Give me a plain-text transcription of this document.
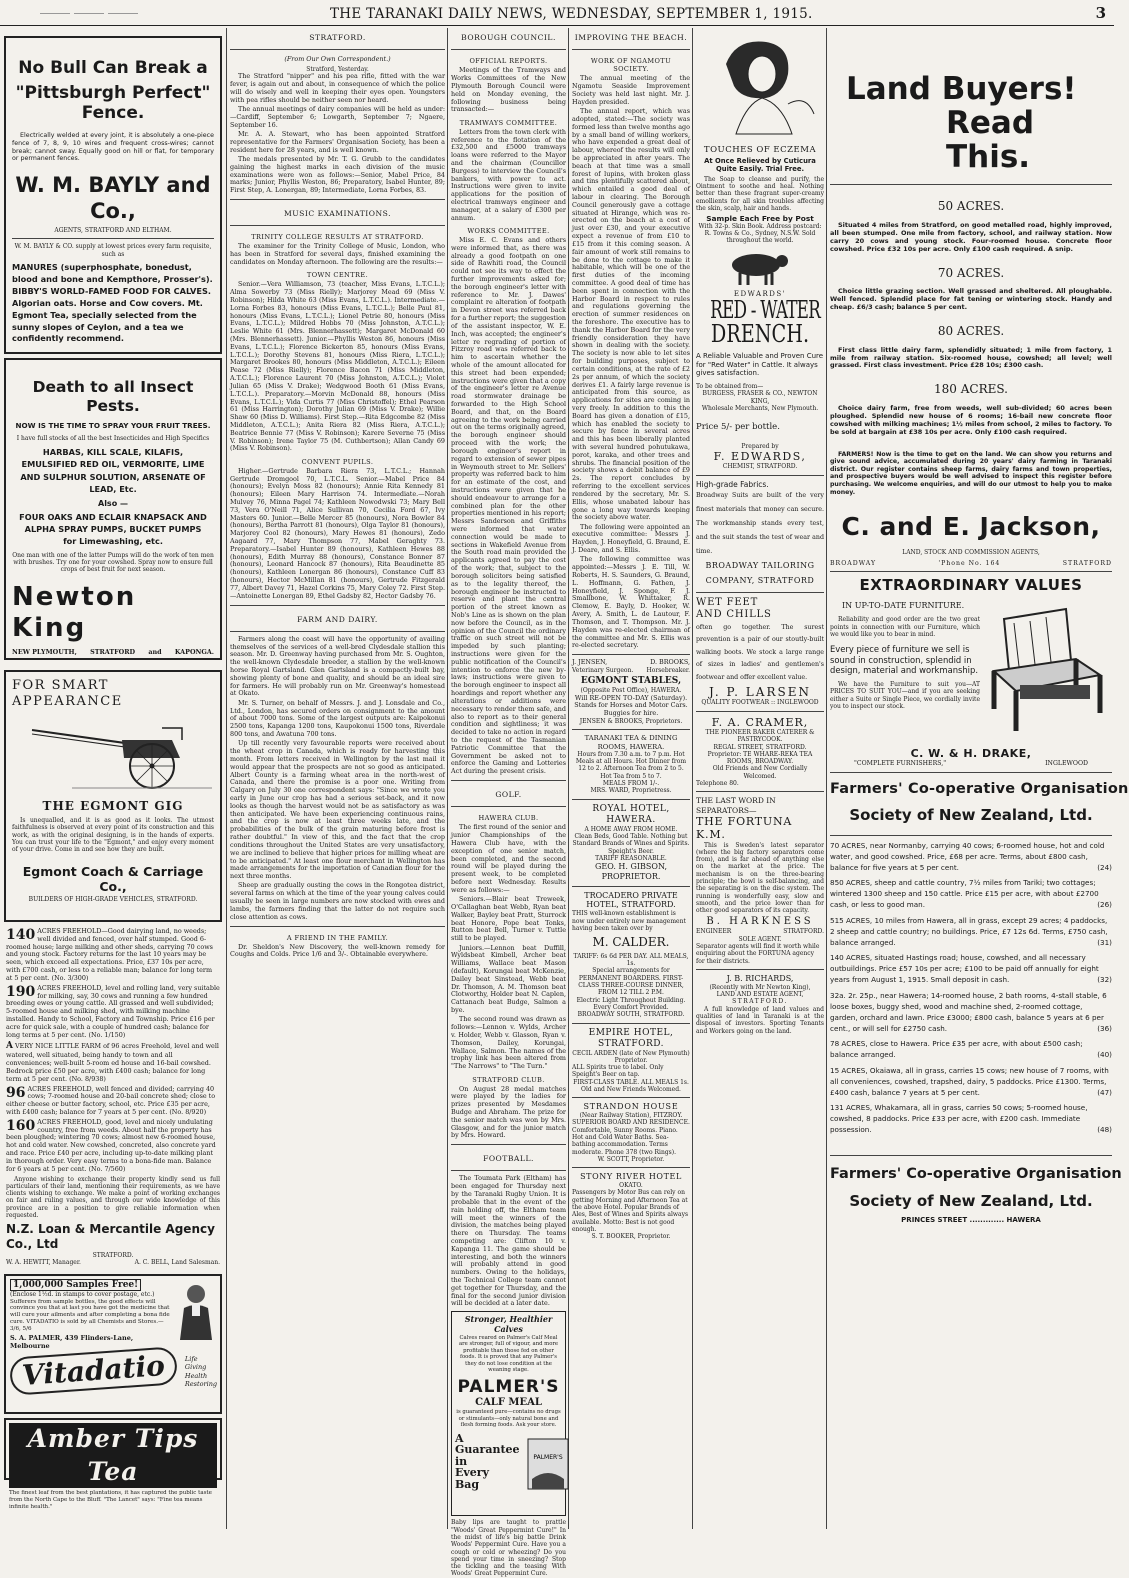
THE TARANAKI DAILY NEWS, WEDNESDAY, SEPTEMBER 1, 1915.	3
No Bull Can Break a
"Pittsburgh Perfect" Fence.

Electrically welded at every joint, it is absolutely a one-piece fence of 7, 8, 9, 10 wires and frequent cross-wires; cannot break; cannot sway. Equally good on hill or flat, for temporary or permanent fences.

W. M. BAYLY and Co.,
AGENTS, STRATFORD AND ELTHAM.
W. M. BAYLY & CO. supply at lowest prices every farm requisite, such as
MANURES (superphosphate, bonedust, blood and bone and Kempthore, Prosser's). BIBBY'S WORLD-FAMED FOOD FOR CALVES. Algorian oats. Horse and Cow covers. Mt. Egmont Tea, specially selected from the sunny slopes of Ceylon, and a tea we confidently recommend.
Death to all Insect Pests.
NOW IS THE TIME TO SPRAY YOUR FRUIT TREES.
I have full stocks of all the best Insecticides and High Specifics
HARBAS, KILL SCALE, KILAFIS, EMULSIFIED RED OIL, VERMORITE, LIME AND SULPHUR SOLUTION, ARSENATE OF LEAD, Etc.
Also —
FOUR OAKS AND ECLAIR KNAPSACK AND ALPHA SPRAY PUMPS, BUCKET PUMPS for Limewashing, etc.
One man with one of the latter Pumps will do the work of ten men with brushes. Try one for your cowshed. Spray now to ensure full crops of best fruit for next season.
Newton King
NEW PLYMOUTH, STRATFORD and KAPONGA.
FOR SMART APPEARANCE
THE EGMONT GIG

Is unequalled, and it is as good as it looks. The utmost faithfulness is observed at every point of its construction and this work, as with the original designing, is in the hands of experts. You can trust your life to the "Egmont," and enjoy every moment of your drive. Come in and see how they are built.

Egmont Coach & Carriage Co.,
BUILDERS OF HIGH-GRADE VEHICLES, STRATFORD.
140 ACRES FREEHOLD—Good dairying land, no weeds; well divided and fenced, over half stumped. Good 6-roomed house; large milking and other sheds, carrying 70 cows and young stock. Factory returns for the last 10 years may be seen, which exceed all expectations. Price, £37 10s per acre, with £700 cash, or less to a reliable man; balance for long term at 5 per cent. (No. 3/300)
190 ACRES FREEHOLD, level and rolling land, very suitable for milking, say, 30 cows and running a few hundred breeding ewes or young cattle. All grassed and well subdivided; 5-roomed house and milking shed, with milking machine installed. Handy to School, Factory and Township. Price £16 per acre for quick sale, with a couple of hundred cash; balance for long terms at 5 per cent. (No. 1/150)
A VERY NICE LITTLE FARM of 96 acres Freehold, level and well watered, well situated, being handy to town and all conveniences; well-built 5-room ed house and 16-bail cowshed. Bedrock price £50 per acre, with £400 cash; balance for long term at 5 per cent. (No. 8/938)
96 ACRES FREEHOLD, well fenced and divided; carrying 40 cows; 7-roomed house and 20-bail concrete shed; close to either cheese or butter factory, school, etc. Price £35 per acre, with £400 cash; balance for 7 years at 5 per cent. (No. 8/920)
160 ACRES FREEHOLD, good, level and nicely undulating country, free from weeds. About half the property has been ploughed; wintering 70 cows; almost new 6-roomed house, hot and cold water. New cowshed, concreted, also concrete yard and race. Price £40 per acre, including up-to-date milking plant in thorough order. Very easy terms to a bona-fide man. Balance for 6 years at 5 per cent. (No. 7/560)

Anyone wishing to exchange their property kindly send us full particulars of their land, mentioning their requirements, as we have clients wishing to exchange. We make a point of working exchanges on fair and ruling values, and through our wide knowledge of this province are in a position to give reliable information when requested.

N.Z. Loan & Mercantile Agency Co., Ltd
STRATFORD.
W. A. HEWITT, Manager.	A. C. BELL, Land Salesman.
1,000,000 Samples Free!
(Enclose 1½d. in stamps to cover postage, etc.)
Sufferers from sample bottles, the good effects will convince you that at last you have got the medicine that will cure your ailments and after completing a bona fide cure. VITADATIO is sold by all Chemists and Stores.—3/6, 5/6
S. A. PALMER, 439 Flinders-Lane, Melbourne
Vitadatio	Life
Giving
Health
Restoring
Amber Tips Tea
The finest leaf from the best plantations, it has captured the public taste from the North Cape to the Bluff. "The Lancet" says: "Fine tea means infinite health."
STRATFORD.
(From Our Own Correspondent.)
Stratford, Yesterday.

The Stratford "nipper" and his pea rifle, fitted with the war fever, is again out and about, in consequence of which the police will do wisely and well in keeping their eyes open. Youngsters with pea rifles should be neither seen nor heard.

The annual meetings of dairy companies will be held as under:—Cardiff, September 6; Lowgarth, September 7; Ngaere, September 16.

Mr. A. A. Stewart, who has been appointed Stratford representative for the Farmers' Organisation Society, has been a resident here for 28 years, and is well known.

The medals presented by Mr. T. G. Grubb to the candidates gaining the highest marks in each division of the music examinations were won as follows:—Senior, Mabel Price, 84 marks; Junior, Phyllis Weston, 86; Preparatory, Isabel Hunter, 89; First Step, A. Lonergan, 89; Intermediate, Lorna Forbes, 83.

MUSIC EXAMINATIONS.
TRINITY COLLEGE RESULTS AT STRATFORD.

The examiner for the Trinity College of Music, London, who has been in Stratford for several days, finished examining the candidates on Monday afternoon. The following are the results:—

TOWN CENTRE.

Senior.—Vera Williamson, 73 (teacher, Miss Evans, L.T.C.L.); Alma Sowerby 73 (Miss Rielly); Marjorey Mead 69 (Miss V. Robinson); Hilda White 63 (Miss Evans, L.T.C.L.). Intermediate.—Lorna Forbes 83, honours (Miss Evans, L.T.C.L.); Belle Paul 81, honours (Miss Evans, L.T.C.L.); Lionel Petrie 80, honours (Miss Evans, L.T.C.L.); Mildred Hobbs 70 (Miss Johnston, A.T.C.L.); Leslie White 61 (Mrs. Blennerhassett); Margaret McDonald 60 (Mrs. Blennerhassett). Junior.—Phyllis Weston 86, honours (Miss Evans, L.T.C.L.); Florence Bickerton 85, honours (Miss Evans, L.T.C.L.); Dorothy Stevens 81, honours (Miss Riera, L.T.C.L.); Margaret Brookes 80, honours (Miss Middleton, A.T.C.L.); Eileen Pease 72 (Miss Rielly); Florence Bacon 71 (Miss Middleton, A.T.C.L.); Florence Laurent 70 (Miss Johnston, A.T.C.L.); Violet Julian 65 (Miss V. Drake); Wedgwood Booth 61 (Miss Evans, L.T.C.L.). Preparatory.—Morvin McDonald 88, honours (Miss Evans, L.T.C.L.); Vida Curtis 77 (Miss Christoffel); Ethel Pearson 61 (Miss Harrington); Dorothy Julian 69 (Miss V. Drake); Willie Shaw 60 (Miss D. Williams). First Step.—Rita Edgcombe 82 (Miss Middleton, A.T.C.L.); Anita Riera 82 (Miss Riera, A.T.C.L.); Beatrice Bennie 77 (Miss V. Robinson); Karere Severne 75 (Miss V. Robinson); Irene Taylor 75 (M. Cuthbertson); Allan Candy 69 (Miss V. Robinson).

CONVENT PUPILS.

Higher.—Gertrude Barbara Riera 73, L.T.C.L.; Hannah Gertrude Dromgool 70, L.T.C.L. Senior.—Mabel Price 84 (honours); Evelyn Moss 82 (honours); Annie Rita Kennedy 81 (honours); Eileen Mary Harrison 74. Intermediate.—Norah Mulvey 76, Minna Pagel 74; Kathleen Nowodwski 73; Mary Bell 73, Vera O'Neill 71, Alice Sullivan 70, Cecilia Ford 67, Ivy Masters 60. Junior.—Belle Mercer 85 (honours), Nora Bowler 84 (honours), Bertha Parrott 81 (honours), Olga Taylor 81 (honours), Marjorey Cool 82 (honours), Mary Hewes 81 (honours), Zedo Aagaard 77, Mary Thompson 77, Mabel Geraghty 73. Preparatory.—Isabel Hunter 89 (honours), Kathleen Hewes 88 (honours), Edith Murray 88 (honours), Constance Bonner 87 (honours), Leonard Hancock 87 (honours), Rita Beaudinette 85 (honours), Kathleen Lonergan 86 (honours), Constance Cuff 83 (honours), Hector McMillan 81 (honours), Gertrude Fitzgerald 77, Albert Davey 71, Hazel Corkins 75, Mary Coley 72. First Step.—Antoinette Lonergan 89, Ethel Gadsby 82, Hector Gadsby 76.

FARM AND DAIRY.

Farmers along the coast will have the opportunity of availing themselves of the services of a well-bred Clydesdale stallion this season. Mr. D. Greenway having purchased from Mr. S. Oughton, the well-known Clydesdale breeder, a stallion by the well-known horse Royal Gartsland. Glen Gartsland is a compactly-built bay, showing plenty of bone and quality, and should be an ideal sire for farmers. He will probably run on Mr. Greenway's homestead at Okato.

Mr. S. Turner, on behalf of Messrs. J. and J. Lonsdale and Co., Ltd., London, has secured orders on consignment to the amount of about 7000 tons. Some of the largest outputs are: Kaipokonui 2500 tons, Kapanga 1200 tons, Kaupokonui 1500 tons, Riverdale 800 tons, and Awatuna 700 tons.

Up till recently very favourable reports were received about the wheat crop in Canada, which is ready for harvesting this month. From letters received in Wellington by the last mail it would appear that the prospects are not so good as anticipated. Albert County is a farming wheat area in the north-west of Canada, and there the promise is a poor one. Writing from Calgary on July 30 one correspondent says: "Since we wrote you early in June our crop has had a serious set-back, and it now looks as though the harvest would not be as satisfactory as was then anticipated. We have been experiencing continuous rains, and the crop is now at least three weeks late, and the probabilities of the bulk of the grain maturing before frost is rather doubtful." In view of this, and the fact that the crop conditions throughout the United States are very unsatisfactory, we are inclined to believe that higher prices for milling wheat are to be anticipated." At least one flour merchant in Wellington has made arrangements for the importation of Canadian flour for the next three months.

Sheep are gradually ousting the cows in the Rongotea district, several farms on which at the time of the year young calves could usually be seen in large numbers are now stocked with ewes and lambs, the farmers finding that the latter do not require such close attention as cows.

A FRIEND IN THE FAMILY.

Dr. Sheldon's New Discovery, the well-known remedy for Coughs and Colds. Price 1/6 and 3/-. Obtainable everywhere.

BOROUGH COUNCIL.
OFFICIAL REPORTS.

Meetings of the Tramways and Works Committees of the New Plymouth Borough Council were held on Monday evening, the following business being transacted:—

TRAMWAYS COMMITTEE.

Letters from the town clerk with reference to the flotation of the £32,500 and £5000 tramways loans were referred to the Mayor and the chairman (Councillor Burgess) to interview the Council's bankers, with power to act. Instructions were given to invite applications for the position of electrical tramways engineer and manager, at a salary of £300 per annum.

WORKS COMMITTEE.

Miss E. C. Evans and others were informed that, as there was already a good footpath on one side of Rawhiti road, the Council could not see its way to effect the further improvements asked for; the borough engineer's letter with reference to Mr. J. Dawes' complaint re alteration of footpath in Devon street was referred back for a further report; the suggestion of the assistant inspector, W. E. Inch, was accepted; the engineer's letter re regrading of portion of Fitzroy road was referred back to him to ascertain whether the whole of the amount allocated for this street had been expended; instructions were given that a copy of the engineer's letter re Avenue road stormwater drainage be forwarded to the High School Board, and that, on the Board agreeing to the work being carried out on the terms originally agreed, the borough engineer should proceed with the work; the borough engineer's report in regard to extension of sewer pipes in Weymouth street to Mr. Sellers' property was referred back to him for an estimate of the cost, and instructions were given that he should endeavour to arrange for a combined plan for the other properties mentioned in his report; Messrs Sanderson and Griffiths were informed that water connection would be made to sections in Wakefield Avenue from the South road main provided the applicants agreed to pay the cost of the work; that, subject to the borough solicitors being satisfied as to the legality thereof, the borough engineer be instructed to reserve and plant the central portion of the street known as Nob's Line as is shown on the plan now before the Council, as in the opinion of the Council the ordinary traffic on such street will not be impeded by such planting; instructions were given for the public notification of the Council's intention to enforce the new by-laws; instructions were given to the borough engineer to inspect all hoardings and report whether any alterations or additions were necessary to render them safe, and also to report as to their general condition and sightliness; it was decided to take no action in regard to the request of the Tasmanian Patriotic Committee that the Government be asked not to enforce the Gaming and Lotteries Act during the present crisis.

GOLF.
HAWERA CLUB.

The first round of the senior and junior Championships of the Hawera Club have, with the exception of one senior match, been completed, and the second round will be played during the present week, to be completed before next Wednesday. Results were as follows:—

Seniors.—Blair beat Treweek, O'Callaghan beat Webb, Ryan beat Walker, Bayley beat Pratt, Sturrock beat Honore, Pope beat Tonks, Rutton beat Bell, Turner v. Tuttle still to be played.

Juniors.—Lennon beat Duffill, Wyldsbeat Kimbell, Archer beat Williams, Wallace beat Mason (default), Korungai beat McKenzie, Dailey beat Sinstead, Webb beat Dr. Thomson, A. M. Thomson beat Clotworthy, Holder beat N. Caplen, Cattanach beat Budge, Salmon a bye.

The second round was drawn as follows:—Lennon v. Wylds, Archer v. Holder, Webb v. Glasson, Ryan v. Thomson, Dailey, Korungai, Wallace, Salmon. The names of the trophy link has been altered from "The Narrows" to "The Turn."

STRATFORD CLUB.

On August 28 medal matches were played by the ladies for prizes presented by Mesdames Budge and Abraham. The prize for the senior match was won by Mrs. Glasgow, and for the junior match by Mrs. Howard.

FOOTBALL.

The Toumata Park (Eltham) has been engaged for Thursday next by the Taranaki Rugby Union. It is probable that in the event of the rain holding off, the Eltham team will meet the winners of the division, the matches being played there on Thursday. The teams competing are: Clifton 10 v. Kapanga 11. The game should be interesting, and both the winners will probably attend in good numbers. Owing to the holidays, the Technical College team cannot get together for Thursday, and the final for the second junior division will be decided at a later date.

Stronger, Healthier Calves
Calves reared on Palmer's Calf Meal are stronger, full of vigour, and more profitable than those fed on other foods. It is proved that any Palmer's they do not lose condition at the weaning stage.
PALMER'S
CALF MEAL
is guaranteed pure—contains no drugs or stimulants—only natural bone and flesh forming foods. Ask your store.
A
Guarantee
in
Every
Bag
PALMER'S

Baby lips are taught to prattle "Woods' Great Peppermint Cure!" In the midst of life's big battle Drink Woods' Peppermint Cure. Have you a cough or cold or wheezing? Do you spend your time in sneezing? Stop the tickling and the teasing With Woods' Great Peppermint Cure.

IMPROVING THE BEACH.
WORK OF NGAMOTU SOCIETY.

The annual meeting of the Ngamotu Seaside Improvement Society was held last night. Mr. J. Hayden presided.

The annual report, which was adopted, stated:—The society was formed less than twelve months ago by a small band of willing workers, who have expended a great deal of labour, whereof the results will only be appreciated in after years. The beach at that time was a small forest of lupins, with broken glass and tins plentifully scattered about, which entailed a good deal of labour in clearing. The Borough Council generously gave a cottage situated at Hirange, which was re-erected on the beach at a cost of just over £30, and your executive expect a revenue of from £10 to £15 from it this coming season. A fair amount of work still remains to be done to the cottage to make it habitable, which will be one of the first duties of the incoming committee. A good deal of time has been spent in connection with the Harbor Board in respect to rules and regulations governing the erection of summer residences on the foreshore. The executive has to thank the Harbor Board for the very friendly consideration they have shown in dealing with the society. The society is now able to let sites for building purposes, subject to certain conditions, at the rate of £2 2s per annum, of which the society derives £1. A fairly large revenue is anticipated from this source, as applications for sites are coming in very freely. In addition to this the Board has given a donation of £15, which has enabled the society to secure by fence in several acres and this has been liberally planted with several hundred pohutukawa, porot, karaka, and other trees and shrubs. The financial position of the society shows a debit balance of £9 2s. The report concludes by referring to the excellent services rendered by the secretary, Mr. S. Ellis, whose unabated labour has gone a long way towards keeping the society above water.

The following were appointed an executive committee: Messrs J. Hayden, J. Honeyfield, G. Braund, E. J. Deare, and S. Ellis.

The following committee was appointed:—Messrs J. E. Till, W. Roberts, H. S. Saunders, G. Braund, L. Hoffmann, G. Fathen, J. Honeyfield, J. Sponge, F. J. Smallbone, W. Whittaker, R. Clemow, E. Bayly, D. Hooker, W. Avery, A. Smith, L. de Lautour, F. Thomson, and T. Thompson. Mr. J. Hayden was re-elected chairman of the committee and Mr. S. Ellis was re-elected secretary.

J. JENSEN,	D. BROOKS,
Veterinary Surgeon. Horsebreaker.
EGMONT STABLES,
(Opposite Post Office), HAWERA.
Will RE-OPEN TO-DAY (Saturday). Stands for Horses and Motor Cars. Buggies for hire.
JENSEN & BROOKS, Proprietors.
TARANAKI TEA & DINING ROOMS, HAWERA.
Hours from 7.30 a.m. to 7 p.m. Hot Meals at all Hours. Hot Dinner from 12 to 2. Afternoon Tea from 2 to 5. Hot Tea from 5 to 7.
MEALS FROM 1/-.
MRS. WARD, Proprietress.
ROYAL HOTEL, HAWERA.
A HOME AWAY FROM HOME.
Clean Beds, Good Table. Nothing but Standard Brands of Wines and Spirits.
Speight's Beer.
TARIFF REASONABLE.
GEO. H. GIBSON, PROPRIETOR.
TROCADERO PRIVATE HOTEL, STRATFORD.
THIS well-known establishment is now under entirely new management having been taken over by
M. CALDER.
TARIFF: 6s 6d PER DAY. ALL MEALS, 1s.
Special arrangements for PERMANENT BOARDERS. FIRST-CLASS THREE-COURSE DINNER, FROM 12 TILL 2 P.M.
Electric Light Throughout Building. Every Comfort Provided.
BROADWAY SOUTH, STRATFORD.
EMPIRE HOTEL, STRATFORD.
CECIL ARDEN (late of New Plymouth) Proprietor.
ALL Spirits true to label. Only Speight's Beer on tap.
FIRST-CLASS TABLE. ALL MEALS 1s.
Old and New Friends Welcomed.
STRANDON HOUSE
(Near Railway Station), FITZROY.
SUPERIOR BOARD AND RESIDENCE.
Comfortable, Sunny Rooms. Piano. Hot and Cold Water Baths. Sea-bathing accommodation. Terms moderate. Phone 378 (two Rings).
W. SCOTT, Proprietor.
STONY RIVER HOTEL
OKATO.
Passengers by Motor Bus can rely on getting Morning and Afternoon Tea at the above Hotel. Popular Brands of Ales, Best of Wines and Spirits always available. Motto: Best is not good enough.
S. T. BOOKER, Proprietor.
TOUCHES OF ECZEMA
At Once Relieved by Cuticura Quite Easily. Trial Free.

The Soap to cleanse and purify, the Ointment to soothe and heal. Nothing better than these fragrant super-creamy emollients for all skin troubles affecting the skin, scalp, hair and hands.

Sample Each Free by Post
With 32-p. Skin Book. Address postcard: R. Towns & Co., Sydney, N.S.W. Sold throughout the world.
EDWARDS'
RED - WATER
DRENCH.
A Reliable Valuable and Proven Cure for "Red Water" in Cattle. It always gives satisfaction.
To be obtained from—
BURGESS, FRASER & CO., NEWTON KING,
Wholesale Merchants, New Plymouth.
Price 5/- per bottle.
Prepared by
F. EDWARDS,
CHEMIST, STRATFORD.
High-grade Fabrics.
Broadway Suits are built of the very finest materials that money can secure. The workmanship stands every test, and the suit stands the test of wear and time.
BROADWAY TAILORING COMPANY, STRATFORD
WET FEET
AND CHILLS
often go together. The surest prevention is a pair of our stoutly-built walking boots. We stock a large range of sizes in ladies' and gentlemen's footwear and offer excellent value.
J. P. LARSEN
QUALITY FOOTWEAR :: INGLEWOOD
F. A. CRAMER,
THE PIONEER BAKER CATERER & PASTRYCOOK.
REGAL STREET, STRATFORD.
Proprietor: TE WHARE-REKA TEA ROOMS, BROADWAY.
Old Friends and New Cordially Welcomed.
Telephone 80.
THE LAST WORD IN SEPARATORS—
THE FORTUNA K.M.

This is Sweden's latest separator (where the big factory separators come from), and is far ahead of anything else on the market at the price. The mechanism is on the three-bearing principle; the bowl is self-balancing, and the separating is on the disc system. The running is wonderfully easy, slow and smooth, and the price lower than for other good separators of its capacity.

B. HARKNESS
ENGINEER	STRATFORD.
SOLE AGENT.
Separator agents will find it worth while enquiring about the FORTUNA agency for their districts.
J. B. RICHARDS,
(Recently with Mr Newton King),
LAND AND ESTATE AGENT,
STRATFORD.

A full knowledge of land values and qualities of land in Taranaki is at the disposal of investors. Sporting Tenants and Workers going on the land.

Land Buyers!
Read This.
50 ACRES.

Situated 4 miles from Stratford, on good metalled road, highly improved, all been stumped. One mile from factory, school, and railway station. Now carry 20 cows and young stock. Four-roomed house. Concrete floor cowshed. Price £32 10s per acre. Only £100 cash required. A snip.

70 ACRES.

Choice little grazing section. Well grassed and sheltered. All ploughable. Well fenced. Splendid place for fat tening or wintering stock. Handy and cheap. £6/3 cash; balance 5 per cent.

80 ACRES.

First class little dairy farm, splendidly situated; 1 mile from factory, 1 mile from railway station. Six-roomed house, cowshed; all level; well grassed. First class investment. Price £28 10s; £300 cash.

180 ACRES.

Choice dairy farm, free from weeds, well sub-divided; 60 acres been ploughed. Splendid new house of 6 rooms; 16-bail new concrete floor cowshed with milking machines; 1½ miles from school, 2 miles to factory. To be sold at bargain at £38 10s per acre. Only £100 cash required.

FARMERS! Now is the time to get on the land. We can show you returns and give sound advice, accumulated during 20 years' dairy farming in Taranaki district. Our register contains sheep farms, dairy farms and town properties, and prospective buyers would be well advised to inspect this register before purchasing. We welcome enquiries, and will do our utmost to help you to make money.

C. and E. Jackson,
LAND, STOCK AND COMMISSION AGENTS,
BROADWAY	'Phone No. 164	STRATFORD
EXTRAORDINARY VALUES
IN UP-TO-DATE FURNITURE.

Reliability and good order are the two great points in connection with our Furniture, which we would like you to bear in mind.

Every piece of furniture we sell is sound in construction, splendid in design, material and workmanship.

We have the Furniture to suit you—AT PRICES TO SUIT YOU—and if you are seeking either a Suite or Single Piece, we cordially invite you to inspect our stock.

C. W. & H. DRAKE,
"COMPLETE FURNISHERS,"	INGLEWOOD
Farmers' Co-operative Organisation
Society of New Zealand, Ltd.
70 ACRES, near Normanby, carrying 40 cows; 6-roomed house, hot and cold water, and good cowshed. Price, £68 per acre. Terms, about £800 cash, balance for five years at 5 per cent.	(24)
850 ACRES, sheep and cattle country, 7½ miles from Tariki; two cottages; wintered 1300 sheep and 150 cattle. Price £15 per acre, with about £2700 cash, or less to good man.	(26)
515 ACRES, 10 miles from Hawera, all in grass, except 29 acres; 4 paddocks, 2 sheep and cattle country; no buildings. Price, £7 12s 6d. Terms, £750 cash, balance arranged.	(31)
140 ACRES, situated Hastings road; house, cowshed, and all necessary outbuildings. Price £57 10s per acre; £100 to be paid off annually for eight years from August 1, 1915. Small deposit in cash.	(32)
32a. 2r. 25p., near Hawera; 14-roomed house, 2 bath rooms, 4-stall stable, 6 loose boxes, buggy shed, wood and machine shed, 2-roomed cottage, garden, orchard and lawn. Price £3000; £800 cash, balance 5 years at 6 per cent., or will sell for £2750 cash.	(36)
78 ACRES, close to Hawera. Price £35 per acre, with about £500 cash; balance arranged.	(40)
15 ACRES, Okaiawa, all in grass, carries 15 cows; new house of 7 rooms, with all conveniences, cowshed, trapshed, dairy, 5 paddocks. Price £1300. Terms, £400 cash, balance 7 years at 5 per cent.	(47)
131 ACRES, Whakamara, all in grass, carries 50 cows; 5-roomed house, cowshed, 8 paddocks. Price £33 per acre, with £200 cash. Immediate possession.	(48)
Farmers' Co-operative Organisation
Society of New Zealand, Ltd.
PRINCES STREET ............. HAWERA
